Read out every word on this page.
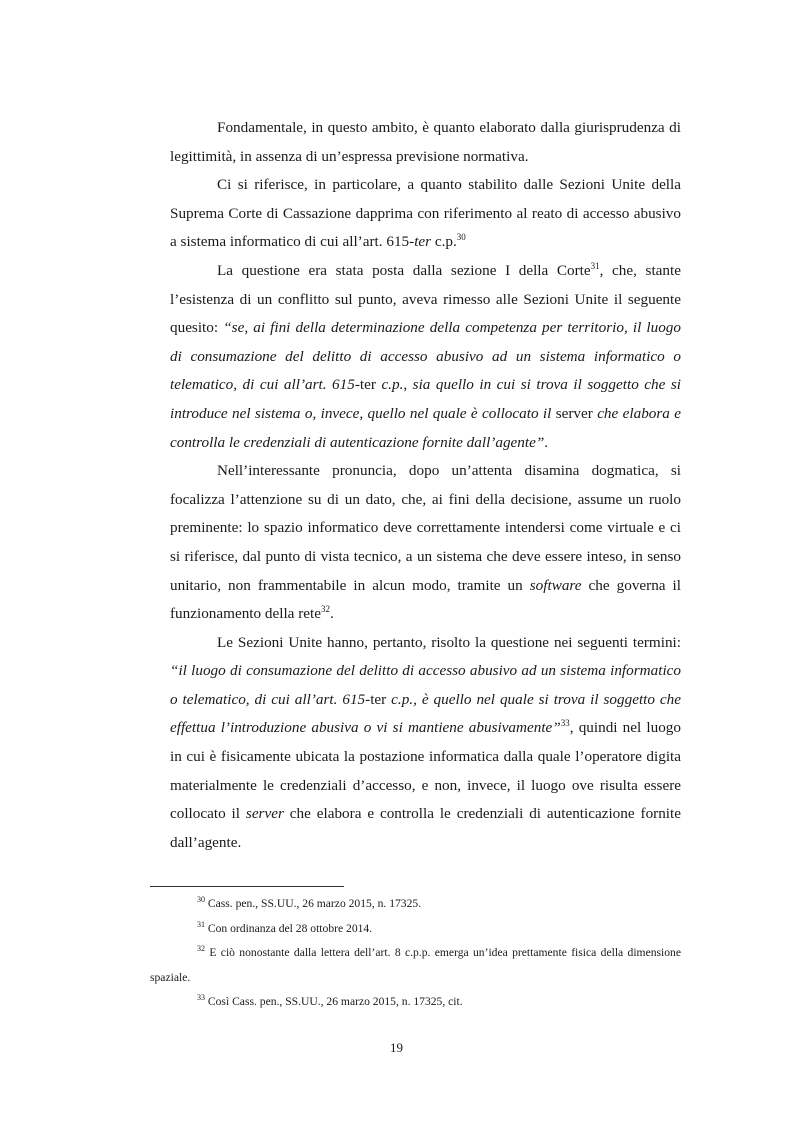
Fondamentale, in questo ambito, è quanto elaborato dalla giurisprudenza di legittimità, in assenza di un’espressa previsione normativa.

Ci si riferisce, in particolare, a quanto stabilito dalle Sezioni Unite della Suprema Corte di Cassazione dapprima con riferimento al reato di accesso abusivo a sistema informatico di cui all’art. 615-ter c.p.$^{30}$

La questione era stata posta dalla sezione I della Corte$^{31}$, che, stante l’esistenza di un conflitto sul punto, aveva rimesso alle Sezioni Unite il seguente quesito: “se, ai fini della determinazione della competenza per territorio, il luogo di consumazione del delitto di accesso abusivo ad un sistema informatico o telematico, di cui all’art. 615-ter c.p., sia quello in cui si trova il soggetto che si introduce nel sistema o, invece, quello nel quale è collocato il server che elabora e controlla le credenziali di autenticazione fornite dall’agente”.

Nell’interessante pronuncia, dopo un’attenta disamina dogmatica, si focalizza l’attenzione su di un dato, che, ai fini della decisione, assume un ruolo preminente: lo spazio informatico deve correttamente intendersi come virtuale e ci si riferisce, dal punto di vista tecnico, a un sistema che deve essere inteso, in senso unitario, non frammentabile in alcun modo, tramite un software che governa il funzionamento della rete$^{32}$.

Le Sezioni Unite hanno, pertanto, risolto la questione nei seguenti termini: “il luogo di consumazione del delitto di accesso abusivo ad un sistema informatico o telematico, di cui all’art. 615-ter c.p., è quello nel quale si trova il soggetto che effettua l’introduzione abusiva o vi si mantiene abusivamente”$^{33}$, quindi nel luogo in cui è fisicamente ubicata la postazione informatica dalla quale l’operatore digita materialmente le credenziali d’accesso, e non, invece, il luogo ove risulta essere collocato il server che elabora e controlla le credenziali di autenticazione fornite dall’agente.

$^{30}$ Cass. pen., SS.UU., 26 marzo 2015, n. 17325.

$^{31}$ Con ordinanza del 28 ottobre 2014.

$^{32}$ E ciò nonostante dalla lettera dell’art. 8 c.p.p. emerga un’idea prettamente fisica della dimensione spaziale.

$^{33}$ Così Cass. pen., SS.UU., 26 marzo 2015, n. 17325, cit.

19
